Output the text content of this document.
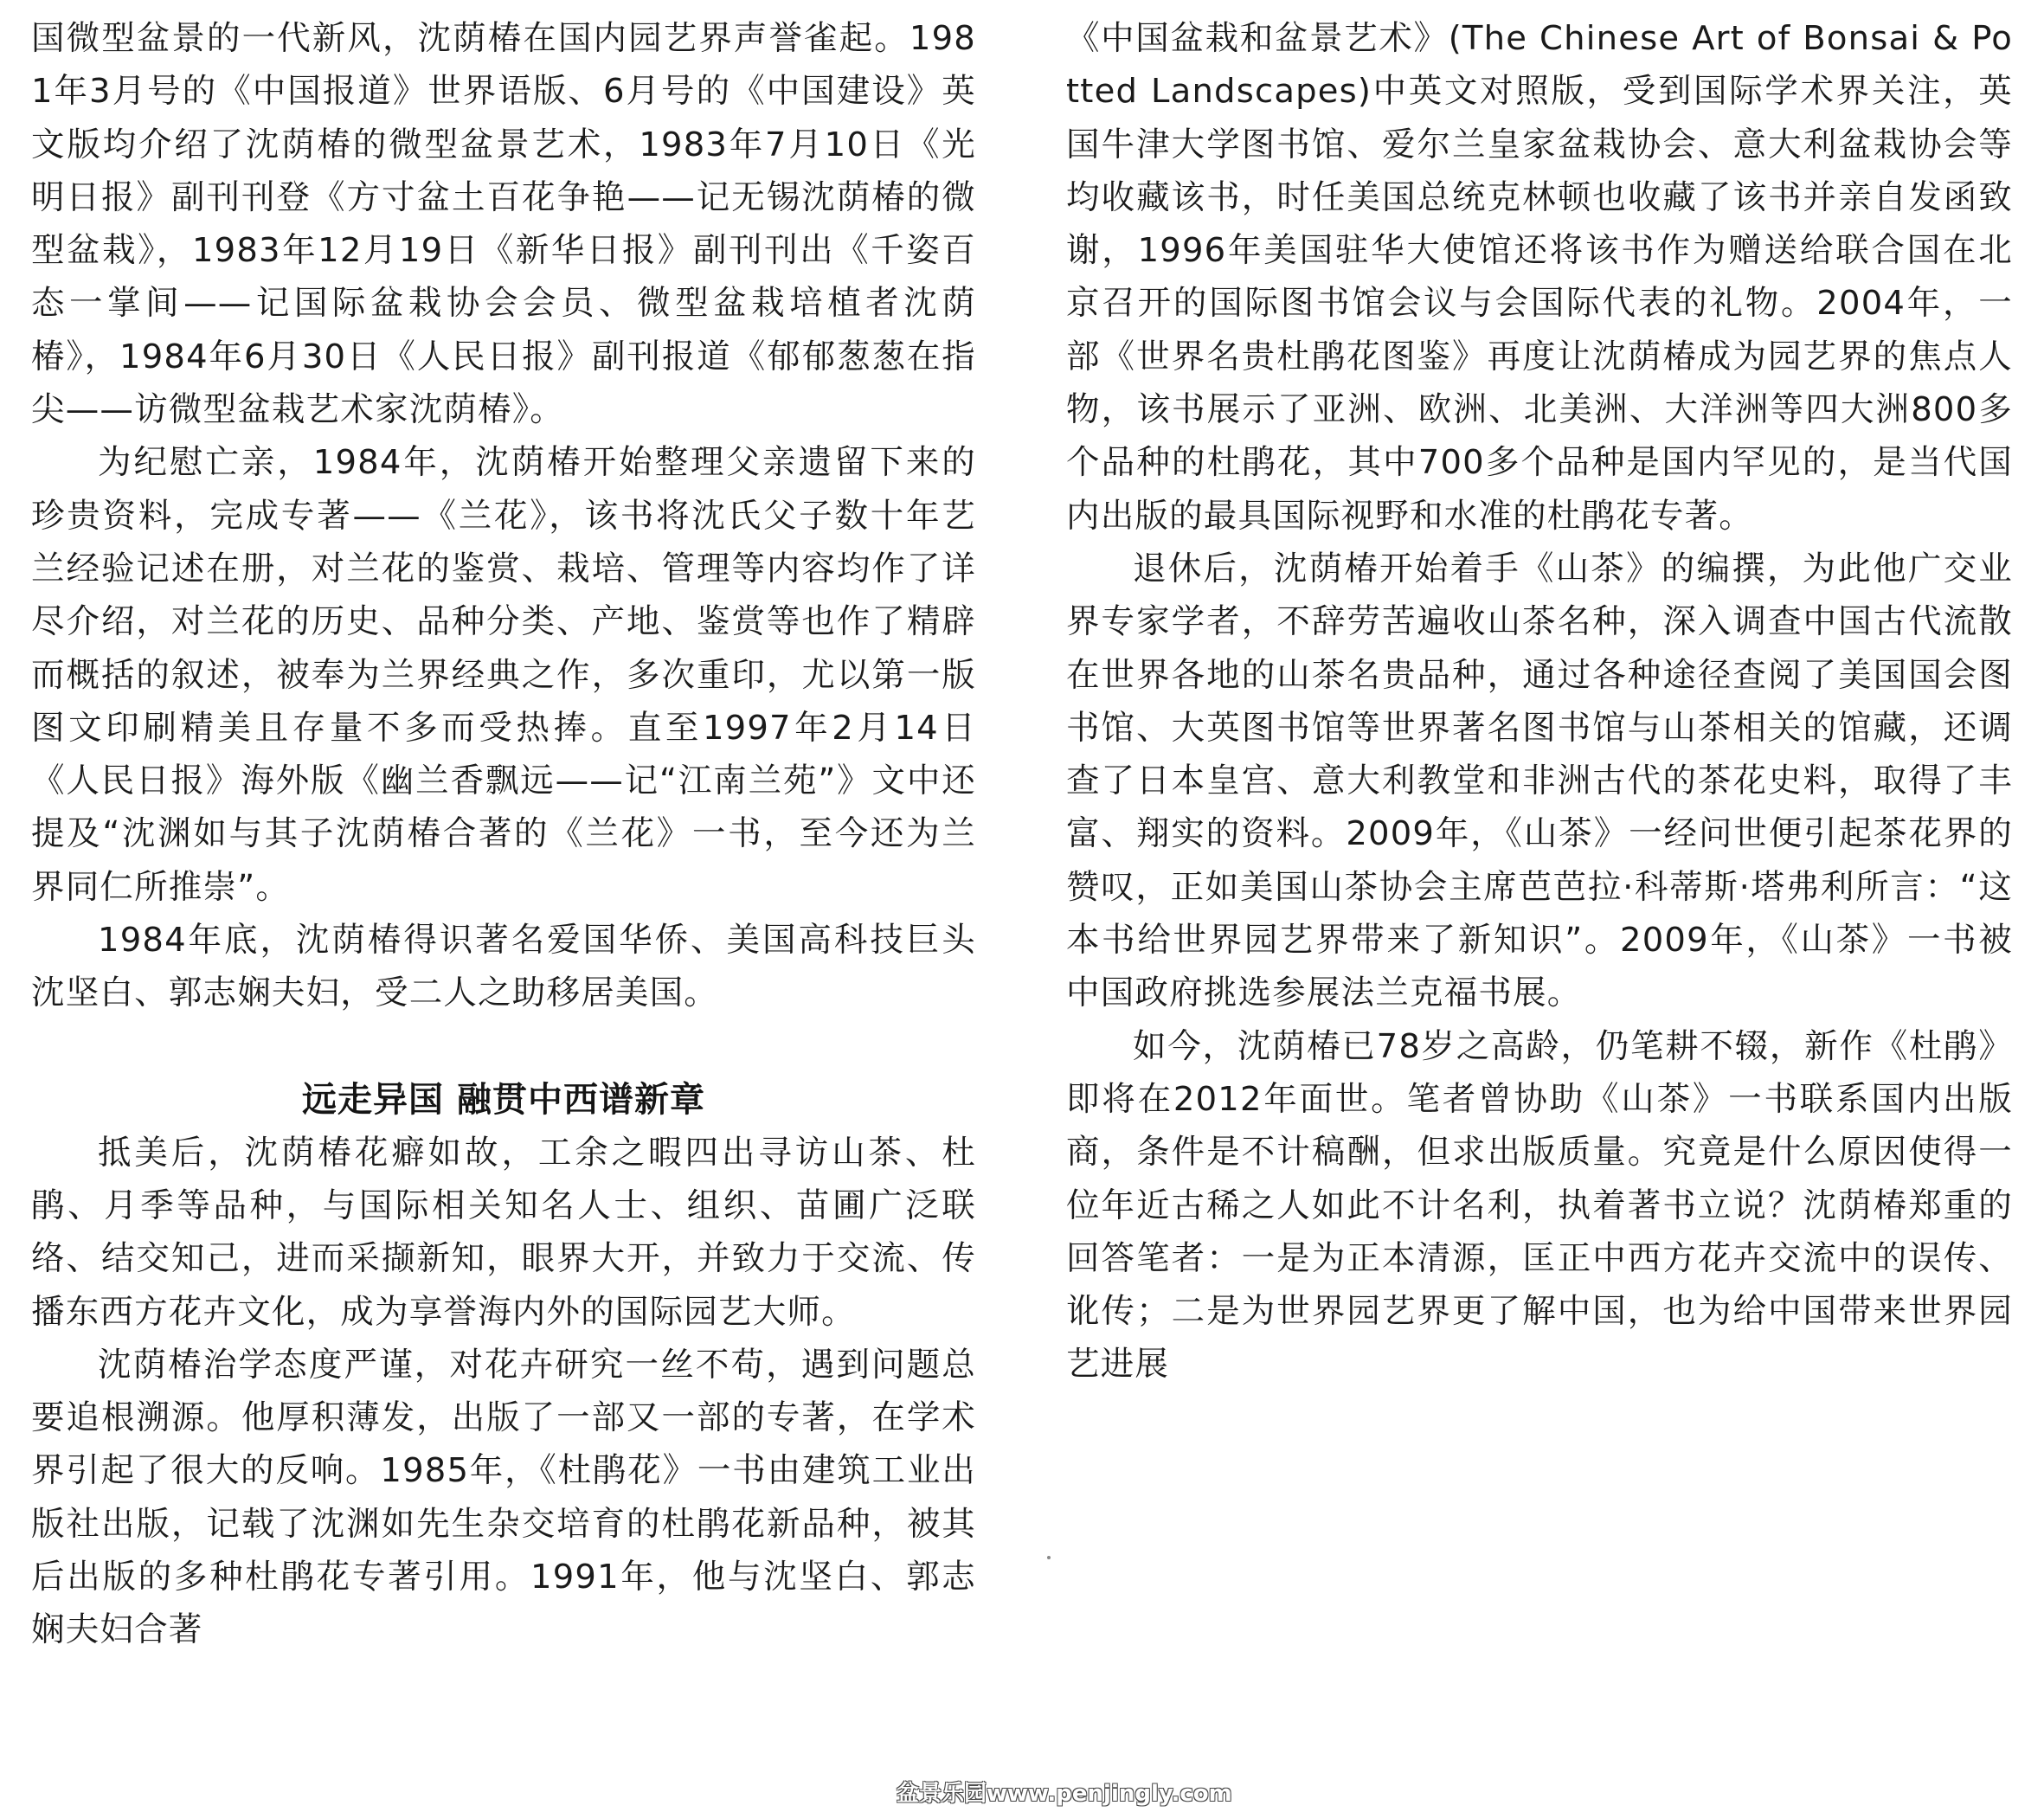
国微型盆景的一代新风，沈荫椿在国内园艺界声誉雀起。1981年3月号的《中国报道》世界语版、6月号的《中国建设》英文版均介绍了沈荫椿的微型盆景艺术，1983年7月10日《光明日报》副刊刊登《方寸盆土百花争艳——记无锡沈荫椿的微型盆栽》，1983年12月19日《新华日报》副刊刊出《千姿百态一掌间——记国际盆栽协会会员、微型盆栽培植者沈荫椿》，1984年6月30日《人民日报》副刊报道《郁郁葱葱在指尖——访微型盆栽艺术家沈荫椿》。

为纪慰亡亲，1984年，沈荫椿开始整理父亲遗留下来的珍贵资料，完成专著——《兰花》，该书将沈氏父子数十年艺兰经验记述在册，对兰花的鉴赏、栽培、管理等内容均作了详尽介绍，对兰花的历史、品种分类、产地、鉴赏等也作了精辟而概括的叙述，被奉为兰界经典之作，多次重印，尤以第一版图文印刷精美且存量不多而受热捧。直至1997年2月14日《人民日报》海外版《幽兰香飘远——记“江南兰苑”》文中还提及“沈渊如与其子沈荫椿合著的《兰花》一书，至今还为兰界同仁所推崇”。

1984年底，沈荫椿得识著名爱国华侨、美国高科技巨头沈坚白、郭志娴夫妇，受二人之助移居美国。

远走异国 融贯中西谱新章

抵美后，沈荫椿花癖如故，工余之暇四出寻访山茶、杜鹃、月季等品种，与国际相关知名人士、组织、苗圃广泛联络、结交知己，进而采撷新知，眼界大开，并致力于交流、传播东西方花卉文化，成为享誉海内外的国际园艺大师。

沈荫椿治学态度严谨，对花卉研究一丝不苟，遇到问题总要追根溯源。他厚积薄发，出版了一部又一部的专著，在学术界引起了很大的反响。1985年，《杜鹃花》一书由建筑工业出版社出版，记载了沈渊如先生杂交培育的杜鹃花新品种，被其后出版的多种杜鹃花专著引用。1991年，他与沈坚白、郭志娴夫妇合著

《中国盆栽和盆景艺术》(The Chinese Art of Bonsai & Potted Landscapes)中英文对照版，受到国际学术界关注，英国牛津大学图书馆、爱尔兰皇家盆栽协会、意大利盆栽协会等均收藏该书，时任美国总统克林顿也收藏了该书并亲自发函致谢，1996年美国驻华大使馆还将该书作为赠送给联合国在北京召开的国际图书馆会议与会国际代表的礼物。2004年，一部《世界名贵杜鹃花图鉴》再度让沈荫椿成为园艺界的焦点人物，该书展示了亚洲、欧洲、北美洲、大洋洲等四大洲800多个品种的杜鹃花，其中700多个品种是国内罕见的，是当代国内出版的最具国际视野和水准的杜鹃花专著。

退休后，沈荫椿开始着手《山茶》的编撰，为此他广交业界专家学者，不辞劳苦遍收山茶名种，深入调查中国古代流散在世界各地的山茶名贵品种，通过各种途径查阅了美国国会图书馆、大英图书馆等世界著名图书馆与山茶相关的馆藏，还调查了日本皇宫、意大利教堂和非洲古代的茶花史料，取得了丰富、翔实的资料。2009年，《山茶》一经问世便引起茶花界的赞叹，正如美国山茶协会主席芭芭拉·科蒂斯·塔弗利所言：“这本书给世界园艺界带来了新知识”。2009年，《山茶》一书被中国政府挑选参展法兰克福书展。

如今，沈荫椿已78岁之高龄，仍笔耕不辍，新作《杜鹃》即将在2012年面世。笔者曾协助《山茶》一书联系国内出版商，条件是不计稿酬，但求出版质量。究竟是什么原因使得一位年近古稀之人如此不计名利，执着著书立说？沈荫椿郑重的回答笔者：一是为正本清源，匡正中西方花卉交流中的误传、讹传；二是为世界园艺界更了解中国，也为给中国带来世界园艺进展

盆景乐园www.penjingly.com
